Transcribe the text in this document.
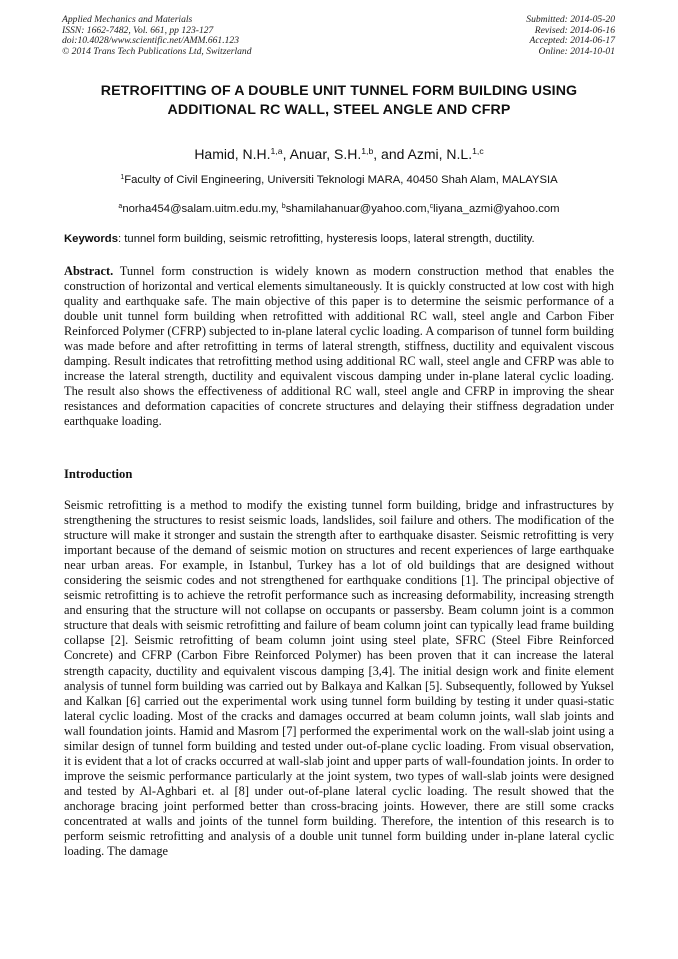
Applied Mechanics and Materials
ISSN: 1662-7482, Vol. 661, pp 123-127
doi:10.4028/www.scientific.net/AMM.661.123
© 2014 Trans Tech Publications Ltd, Switzerland
Submitted: 2014-05-20
Revised: 2014-06-16
Accepted: 2014-06-17
Online: 2014-10-01
RETROFITTING OF A DOUBLE UNIT TUNNEL FORM BUILDING USING
ADDITIONAL RC WALL, STEEL ANGLE AND CFRP
Hamid, N.H.$^{1,a}$, Anuar, S.H.$^{1,b}$, and Azmi, N.L.$^{1,c}$
$^1$Faculty of Civil Engineering, Universiti Teknologi MARA, 40450 Shah Alam, MALAYSIA
$^a$norha454@salam.uitm.edu.my, $^b$shamilahanuar@yahoo.com,$^c$liyana_azmi@yahoo.com
Keywords: tunnel form building, seismic retrofitting, hysteresis loops, lateral strength, ductility.
Abstract. Tunnel form construction is widely known as modern construction method that enables the construction of horizontal and vertical elements simultaneously. It is quickly constructed at low cost with high quality and earthquake safe. The main objective of this paper is to determine the seismic performance of a double unit tunnel form building when retrofitted with additional RC wall, steel angle and Carbon Fiber Reinforced Polymer (CFRP) subjected to in-plane lateral cyclic loading. A comparison of tunnel form building was made before and after retrofitting in terms of lateral strength, stiffness, ductility and equivalent viscous damping. Result indicates that retrofitting method using additional RC wall, steel angle and CFRP was able to increase the lateral strength, ductility and equivalent viscous damping under in-plane lateral cyclic loading. The result also shows the effectiveness of additional RC wall, steel angle and CFRP in improving the shear resistances and deformation capacities of concrete structures and delaying their stiffness degradation under earthquake loading.
Introduction
Seismic retrofitting is a method to modify the existing tunnel form building, bridge and infrastructures by strengthening the structures to resist seismic loads, landslides, soil failure and others. The modification of the structure will make it stronger and sustain the strength after to earthquake disaster. Seismic retrofitting is very important because of the demand of seismic motion on structures and recent experiences of large earthquake near urban areas. For example, in Istanbul, Turkey has a lot of old buildings that are designed without considering the seismic codes and not strengthened for earthquake conditions [1]. The principal objective of seismic retrofitting is to achieve the retrofit performance such as increasing deformability, increasing strength and ensuring that the structure will not collapse on occupants or passersby. Beam column joint is a common structure that deals with seismic retrofitting and failure of beam column joint can typically lead frame building collapse [2]. Seismic retrofitting of beam column joint using steel plate, SFRC (Steel Fibre Reinforced Concrete) and CFRP (Carbon Fibre Reinforced Polymer) has been proven that it can increase the lateral strength capacity, ductility and equivalent viscous damping [3,4]. The initial design work and finite element analysis of tunnel form building was carried out by Balkaya and Kalkan [5]. Subsequently, followed by Yuksel and Kalkan [6] carried out the experimental work using tunnel form building by testing it under quasi-static lateral cyclic loading. Most of the cracks and damages occurred at beam column joints, wall slab joints and wall foundation joints. Hamid and Masrom [7] performed the experimental work on the wall-slab joint using a similar design of tunnel form building and tested under out-of-plane cyclic loading. From visual observation, it is evident that a lot of cracks occurred at wall-slab joint and upper parts of wall-foundation joints. In order to improve the seismic performance particularly at the joint system, two types of wall-slab joints were designed and tested by Al-Aghbari et. al [8] under out-of-plane lateral cyclic loading. The result showed that the anchorage bracing joint performed better than cross-bracing joints. However, there are still some cracks concentrated at walls and joints of the tunnel form building. Therefore, the intention of this research is to perform seismic retrofitting and analysis of a double unit tunnel form building under in-plane lateral cyclic loading. The damage
